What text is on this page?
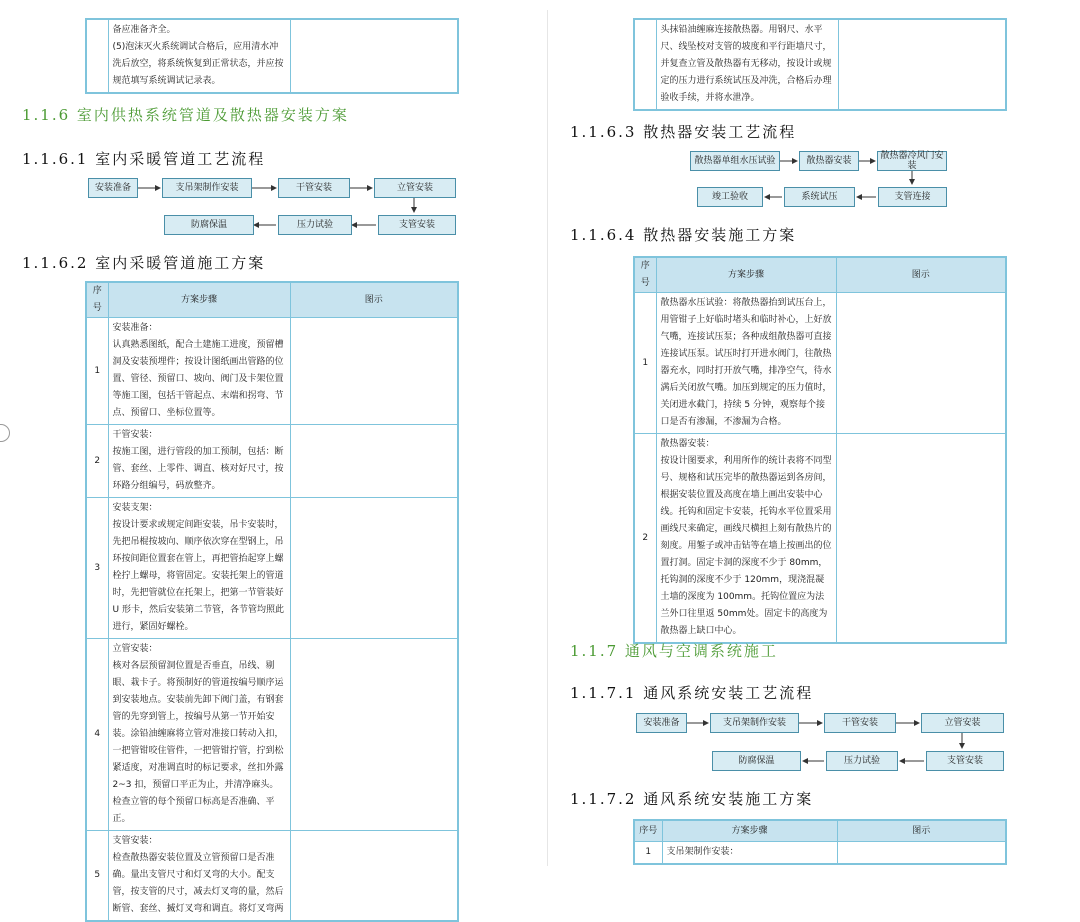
	备应准备齐全。
(5)泡沫灭火系统调试合格后，应用清水冲洗后放空，将系统恢复到正常状态，并应按规范填写系统调试记录表。	
1.1.6 室内供热系统管道及散热器安装方案
1.1.6.1 室内采暖管道工艺流程
安装准备	支吊架制作安装	干管安装	立管安装
防腐保温	压力试验	支管安装
1.1.6.2 室内采暖管道施工方案
序号	方案步骤	图示
1	安装准备：
认真熟悉图纸，配合土建施工进度，预留槽洞及安装预埋件；按设计图纸画出管路的位置、管径、预留口、坡向、阀门及卡架位置等施工图，包括干管起点、末端和拐弯、节点、预留口、坐标位置等。	
2	干管安装：
按施工图，进行管段的加工预制，包括：断管、套丝、上零件、调直、核对好尺寸，按环路分组编号，码放整齐。	
3	安装支架：
按设计要求或规定间距安装，吊卡安装时，先把吊棍按坡向、顺序依次穿在型钢上，吊环按间距位置套在管上，再把管抬起穿上螺栓拧上螺母，将管固定。安装托架上的管道时，先把管就位在托架上，把第一节管装好U 形卡，然后安装第二节管，各节管均照此进行，紧固好螺栓。	
4	立管安装：
核对各层预留洞位置是否垂直，吊线、剔眼、栽卡子。将预制好的管道按编号顺序运到安装地点。安装前先卸下阀门盖，有钢套管的先穿到管上，按编号从第一节开始安装。涂铅油缠麻将立管对准接口转动入扣，一把管钳咬住管件，一把管钳拧管，拧到松紧适度，对准调直时的标记要求，丝扣外露2~3 扣，预留口平正为止，并清净麻头。检查立管的每个预留口标高是否准确、平正。	
5	支管安装：
检查散热器安装位置及立管预留口是否准确。量出支管尺寸和灯叉弯的大小。配支管，按支管的尺寸，减去灯叉弯的量，然后断管、套丝、揻灯叉弯和调直。将灯叉弯两	
	头抹铅油缠麻连接散热器。用钢尺、水平尺、线坠校对支管的坡度和平行距墙尺寸，并复查立管及散热器有无移动，按设计或规定的压力进行系统试压及冲洗，合格后办理验收手续，并将水泄净。	
1.1.6.3 散热器安装工艺流程
散热器单组水压试验	散热器安装	散热器冷风门安装
竣工验收	系统试压	支管连接
1.1.6.4 散热器安装施工方案
序号	方案步骤	图示
1	散热器水压试验：将散热器抬到试压台上，用管钳子上好临时堵头和临时补心，上好放气嘴，连接试压泵；各种成组散热器可直接连接试压泵。试压时打开进水阀门，往散热器充水，同时打开放气嘴，排净空气，待水满后关闭放气嘴。加压到规定的压力值时，关闭进水截门，持续 5 分钟，观察每个接口是否有渗漏，不渗漏为合格。	
2	散热器安装：
按设计图要求，利用所作的统计表将不同型号、规格和试压完毕的散热器运到各房间，根据安装位置及高度在墙上画出安装中心线。托钩和固定卡安装，托钩水平位置采用画线尺来确定，画线尺横担上刻有散热片的刻度。用錾子或冲击钻等在墙上按画出的位置打洞。固定卡洞的深度不少于 80mm，托钩洞的深度不少于 120mm，现浇混凝土墙的深度为 100mm。托钩位置应为法兰外口往里返 50mm处。固定卡的高度为散热器上缺口中心。	
1.1.7 通风与空调系统施工
1.1.7.1 通风系统安装工艺流程
安装准备	支吊架制作安装	干管安装	立管安装
防腐保温	压力试验	支管安装
1.1.7.2 通风系统安装施工方案
序号	方案步骤	图示
1	支吊架制作安装：	
